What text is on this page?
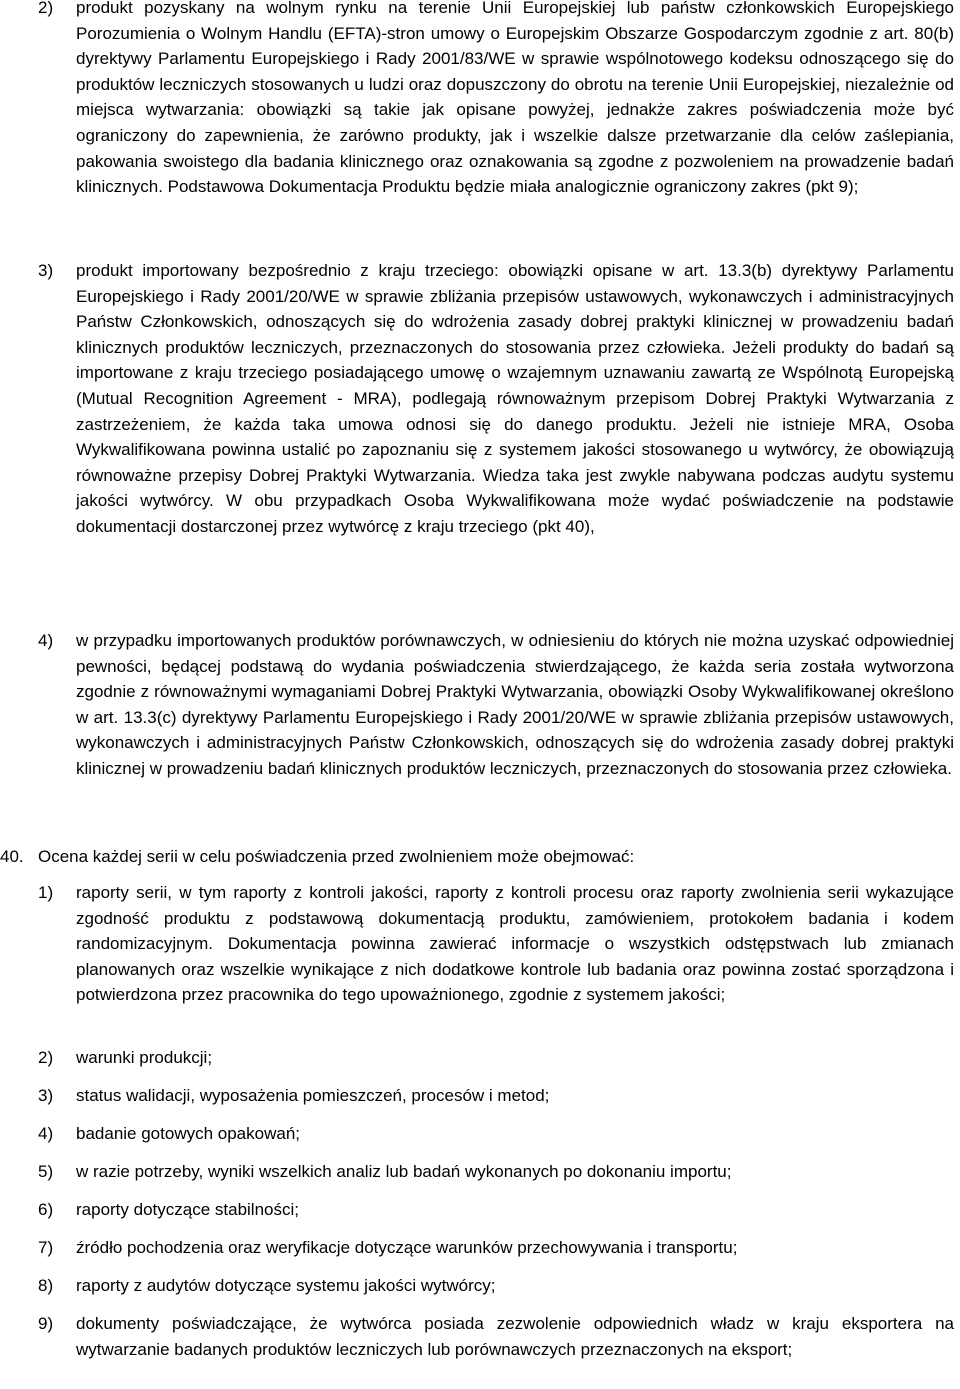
2) produkt pozyskany na wolnym rynku na terenie Unii Europejskiej lub państw członkowskich Europejskiego Porozumienia o Wolnym Handlu (EFTA)-stron umowy o Europejskim Obszarze Gospodarczym zgodnie z art. 80(b) dyrektywy Parlamentu Europejskiego i Rady 2001/83/WE w sprawie wspólnotowego kodeksu odnoszącego się do produktów leczniczych stosowanych u ludzi oraz dopuszczony do obrotu na terenie Unii Europejskiej, niezależnie od miejsca wytwarzania: obowiązki są takie jak opisane powyżej, jednakże zakres poświadczenia może być ograniczony do zapewnienia, że zarówno produkty, jak i wszelkie dalsze przetwarzanie dla celów zaślepiania, pakowania swoistego dla badania klinicznego oraz oznakowania są zgodne z pozwoleniem na prowadzenie badań klinicznych. Podstawowa Dokumentacja Produktu będzie miała analogicznie ograniczony zakres (pkt 9);
3) produkt importowany bezpośrednio z kraju trzeciego: obowiązki opisane w art. 13.3(b) dyrektywy Parlamentu Europejskiego i Rady 2001/20/WE w sprawie zbliżania przepisów ustawowych, wykonawczych i administracyjnych Państw Członkowskich, odnoszących się do wdrożenia zasady dobrej praktyki klinicznej w prowadzeniu badań klinicznych produktów leczniczych, przeznaczonych do stosowania przez człowieka. Jeżeli produkty do badań są importowane z kraju trzeciego posiadającego umowę o wzajemnym uznawaniu zawartą ze Wspólnotą Europejską (Mutual Recognition Agreement - MRA), podlegają równoważnym przepisom Dobrej Praktyki Wytwarzania z zastrzeżeniem, że każda taka umowa odnosi się do danego produktu. Jeżeli nie istnieje MRA, Osoba Wykwalifikowana powinna ustalić po zapoznaniu się z systemem jakości stosowanego u wytwórcy, że obowiązują równoważne przepisy Dobrej Praktyki Wytwarzania. Wiedza taka jest zwykle nabywana podczas audytu systemu jakości wytwórcy. W obu przypadkach Osoba Wykwalifikowana może wydać poświadczenie na podstawie dokumentacji dostarczonej przez wytwórcę z kraju trzeciego (pkt 40),
4) w przypadku importowanych produktów porównawczych, w odniesieniu do których nie można uzyskać odpowiedniej pewności, będącej podstawą do wydania poświadczenia stwierdzającego, że każda seria została wytworzona zgodnie z równoważnymi wymaganiami Dobrej Praktyki Wytwarzania, obowiązki Osoby Wykwalifikowanej określono w art. 13.3(c) dyrektywy Parlamentu Europejskiego i Rady 2001/20/WE w sprawie zbliżania przepisów ustawowych, wykonawczych i administracyjnych Państw Członkowskich, odnoszących się do wdrożenia zasady dobrej praktyki klinicznej w prowadzeniu badań klinicznych produktów leczniczych, przeznaczonych do stosowania przez człowieka.
40. Ocena każdej serii w celu poświadczenia przed zwolnieniem może obejmować:
1) raporty serii, w tym raporty z kontroli jakości, raporty z kontroli procesu oraz raporty zwolnienia serii wykazujące zgodność produktu z podstawową dokumentacją produktu, zamówieniem, protokołem badania i kodem randomizacyjnym. Dokumentacja powinna zawierać informacje o wszystkich odstępstwach lub zmianach planowanych oraz wszelkie wynikające z nich dodatkowe kontrole lub badania oraz powinna zostać sporządzona i potwierdzona przez pracownika do tego upoważnionego, zgodnie z systemem jakości;
2) warunki produkcji;
3) status walidacji, wyposażenia pomieszczeń, procesów i metod;
4) badanie gotowych opakowań;
5) w razie potrzeby, wyniki wszelkich analiz lub badań wykonanych po dokonaniu importu;
6) raporty dotyczące stabilności;
7) źródło pochodzenia oraz weryfikacje dotyczące warunków przechowywania i transportu;
8) raporty z audytów dotyczące systemu jakości wytwórcy;
9) dokumenty poświadczające, że wytwórca posiada zezwolenie odpowiednich władz w kraju eksportera na wytwarzanie badanych produktów leczniczych lub porównawczych przeznaczonych na eksport;
